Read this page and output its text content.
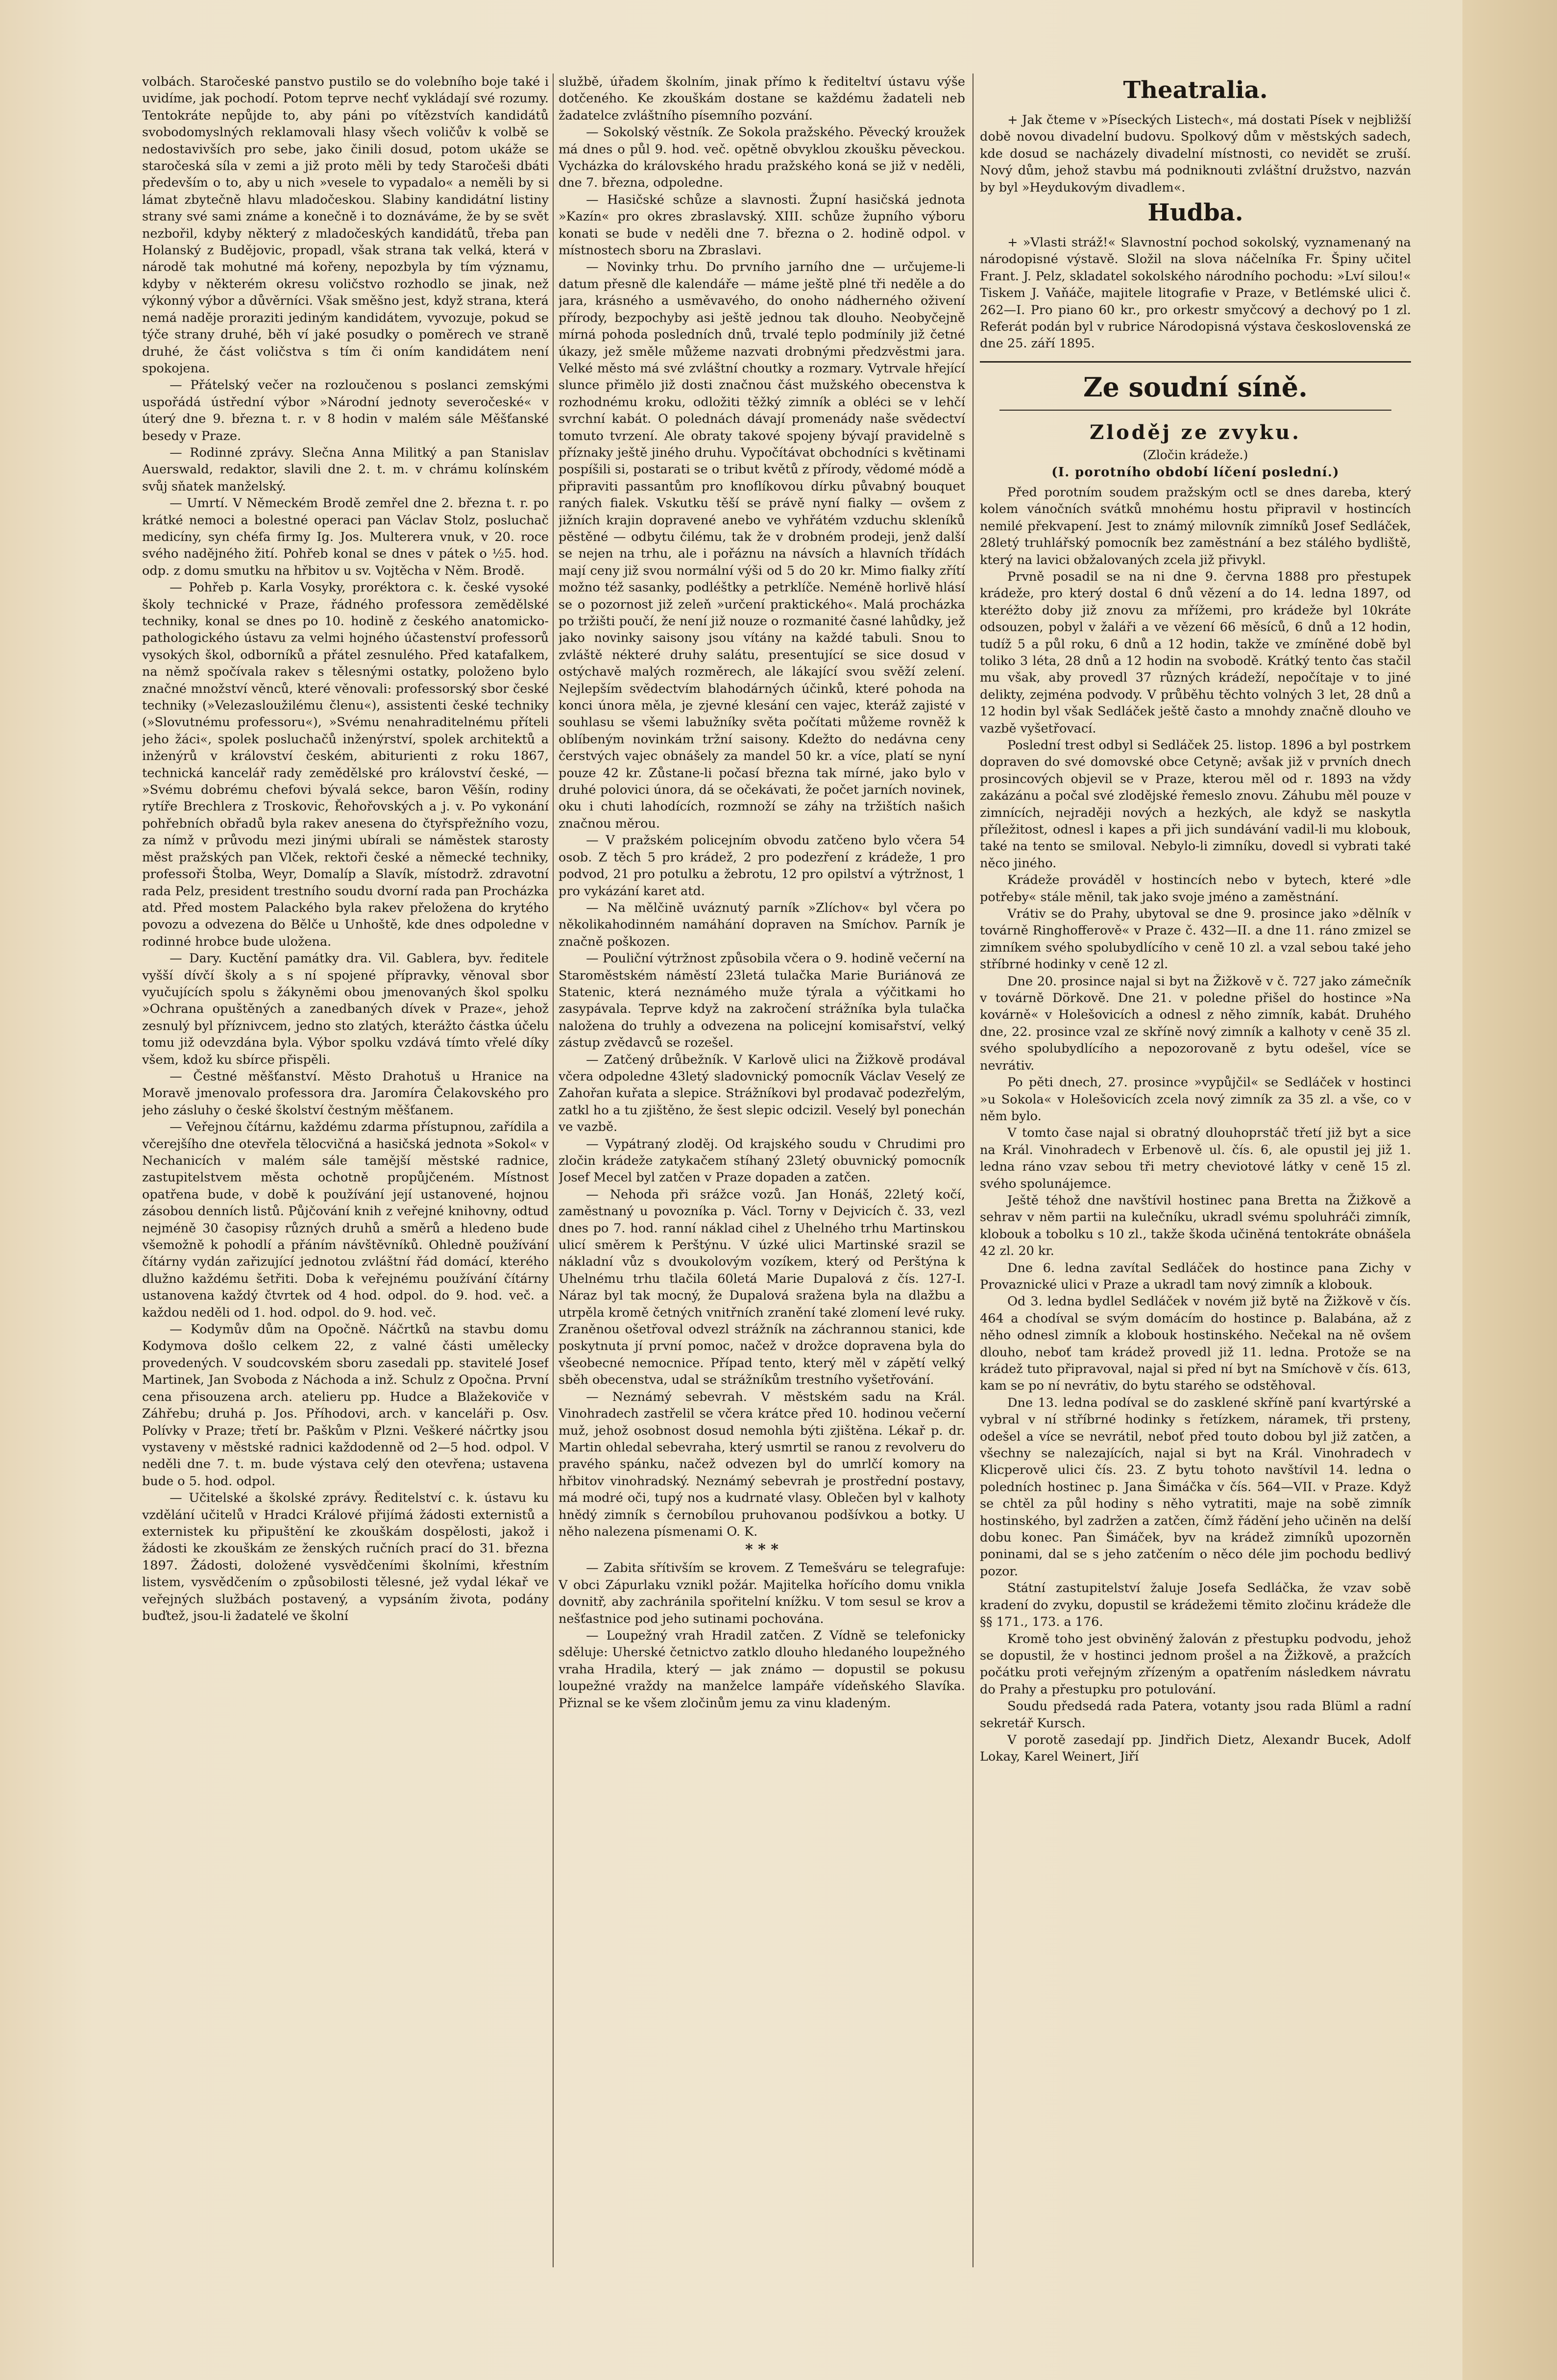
volbách. Staročeské panstvo pustilo se do volebního boje také i uvidíme, jak pochodí. Potom teprve nechť vykládají své rozumy. Tentokráte nepůjde to, aby páni po vítězstvích kandidátů svobodomyslných reklamovali hlasy všech voličův k volbě se nedostavivších pro sebe, jako činili dosud, potom ukáže se staročeská síla v zemi a již proto měli by tedy Staročeši dbáti především o to, aby u nich »vesele to vypadalo« a neměli by si lámat zbytečně hlavu mladočeskou. Slabiny kandidátní listiny strany své sami známe a konečně i to doznáváme, že by se svět nezbořil, kdyby některý z mladočeských kandidátů, třeba pan Holanský z Budějovic, propadl, však strana tak velká, která v národě tak mohutné má kořeny, nepozbyla by tím významu, kdyby v některém okresu voličstvo rozhodlo se jinak, než výkonný výbor a důvěrníci. Však směšno jest, když strana, která nemá naděje proraziti jediným kandidátem, vyvozuje, pokud se týče strany druhé, běh ví jaké posudky o poměrech ve straně druhé, že část voličstva s tím či oním kandidátem není spokojena.

— Přátelský večer na rozloučenou s poslanci zemskými uspořádá ústřední výbor »Národní jednoty severočeské« v úterý dne 9. března t. r. v 8 hodin v malém sále Měšťanské besedy v Praze.

— Rodinné zprávy. Slečna Anna Militký a pan Stanislav Auerswald, redaktor, slavili dne 2. t. m. v chrámu kolínském svůj sňatek manželský.

— Umrtí. V Německém Brodě zemřel dne 2. března t. r. po krátké nemoci a bolestné operaci pan Václav Stolz, posluchač medicíny, syn chéfa firmy Ig. Jos. Multerera vnuk, v 20. roce svého nadějného žití. Pohřeb konal se dnes v pátek o ½5. hod. odp. z domu smutku na hřbitov u sv. Vojtěcha v Něm. Brodě.

— Pohřeb p. Karla Vosyky, proréktora c. k. české vysoké školy technické v Praze, řádného professora zemědělské techniky, konal se dnes po 10. hodině z českého anatomicko-pathologického ústavu za velmi hojného účastenství professorů vysokých škol, odborníků a přátel zesnulého. Před katafalkem, na němž spočívala rakev s tělesnými ostatky, položeno bylo značné množství věnců, které věnovali: professorský sbor české techniky (»Velezasloužilému členu«), assistenti české techniky (»Slovutnému professoru«), »Svému nenahraditelnému příteli jeho žáci«, spolek posluchačů inženýrství, spolek architektů a inženýrů v království českém, abiturienti z roku 1867, technická kancelář rady zemědělské pro království české, — »Svému dobrému chefovi bývalá sekce, baron Věšín, rodiny rytíře Brechlera z Troskovic, Řehořovských a j. v. Po vykonání pohřebních obřadů byla rakev anesena do čtyřspřežního vozu, za nímž v průvodu mezi jinými ubírali se náměstek starosty měst pražských pan Vlček, rektoři české a německé techniky, professoři Štolba, Weyr, Domalíp a Slavík, místodrž. zdravotní rada Pelz, president trestního soudu dvorní rada pan Procházka atd. Před mostem Palackého byla rakev přeložena do krytého povozu a odvezena do Bělče u Unhoště, kde dnes odpoledne v rodinné hrobce bude uložena.

— Dary. Kuctění památky dra. Vil. Gablera, byv. ředitele vyšší dívčí školy a s ní spojené přípravky, věnoval sbor vyučujících spolu s žákyněmi obou jmenovaných škol spolku »Ochrana opuštěných a zanedbaných dívek v Praze«, jehož zesnulý byl příznivcem, jedno sto zlatých, kterážto částka účelu tomu již odevzdána byla. Výbor spolku vzdává tímto vřelé díky všem, kdož ku sbírce přispěli.

— Čestné měšťanství. Město Drahotuš u Hranice na Moravě jmenovalo professora dra. Jaromíra Čelakovského pro jeho zásluhy o české školství čestným měšťanem.

— Veřejnou čítárnu, každému zdarma přístupnou, zařídila a včerejšího dne otevřela tělocvičná a hasičská jednota »Sokol« v Nechanicích v malém sále tamější městské radnice, zastupitelstvem města ochotně propůjčeném. Místnost opatřena bude, v době k používání její ustanovené, hojnou zásobou denních listů. Půjčování knih z veřejné knihovny, odtud nejméně 30 časopisy různých druhů a směrů a hledeno bude všemožně k pohodlí a přáním návštěvníků. Ohledně používání čítárny vydán zařizující jednotou zvláštní řád domácí, kterého dlužno každému šetřiti. Doba k veřejnému používání čítárny ustanovena každý čtvrtek od 4 hod. odpol. do 9. hod. več. a každou neděli od 1. hod. odpol. do 9. hod. več.

— Kodymův dům na Opočně. Náčrtků na stavbu domu Kodymova došlo celkem 22, z valné části umělecky provedených. V soudcovském sboru zasedali pp. stavitelé Josef Martinek, Jan Svoboda z Náchoda a inž. Schulz z Opočna. První cena přisouzena arch. atelieru pp. Hudce a Blažekoviče v Záhřebu; druhá p. Jos. Příhodovi, arch. v kanceláři p. Osv. Polívky v Praze; třetí br. Paškům v Plzni. Veškeré náčrtky jsou vystaveny v městské radnici každodenně od 2—5 hod. odpol. V neděli dne 7. t. m. bude výstava celý den otevřena; ustavena bude o 5. hod. odpol.

— Učitelské a školské zprávy. Ředitelství c. k. ústavu ku vzdělání učitelů v Hradci Králové přijímá žádosti externistů a externistek ku připuštění ke zkouškám dospělosti, jakož i žádosti ke zkouškám ze ženských ručních prací do 31. března 1897. Žádosti, doložené vysvědčeními školními, křestním listem, vysvědčením o způsobilosti tělesné, jež vydal lékař ve veřejných službách postavený, a vypsáním života, podány buďtež, jsou-li žadatelé ve školní

službě, úřadem školním, jinak přímo k řediteltví ústavu výše dotčeného. Ke zkouškám dostane se každému žadateli neb žadatelce zvláštního písemního pozvání.

— Sokolský věstník. Ze Sokola pražského. Pěvecký kroužek má dnes o půl 9. hod. več. opětně obvyklou zkoušku pěveckou. Vycházka do královského hradu pražského koná se již v neděli, dne 7. března, odpoledne.

— Hasičské schůze a slavnosti. Župní hasičská jednota »Kazín« pro okres zbraslavský. XIII. schůze župního výboru konati se bude v neděli dne 7. března o 2. hodině odpol. v místnostech sboru na Zbraslavi.

— Novinky trhu. Do prvního jarního dne — určujeme-li datum přesně dle kalendáře — máme ještě plné tři neděle a do jara, krásného a usměvavého, do onoho nádherného oživení přírody, bezpochyby asi ještě jednou tak dlouho. Neobyčejně mírná pohoda posledních dnů, trvalé teplo podmínily již četné úkazy, jež směle můžeme nazvati drobnými předzvěstmi jara. Velké město má své zvláštní choutky a rozmary. Vytrvale hřející slunce přimělo již dosti značnou část mužského obecenstva k rozhodnému kroku, odložiti těžký zimník a obléci se v lehčí svrchní kabát. O polednách dávají promenády naše svědectví tomuto tvrzení. Ale obraty takové spojeny bývají pravidelně s příznaky ještě jiného druhu. Vypočítávat obchodníci s květinami pospíšili si, postarati se o tribut květů z přírody, vědomé módě a připraviti passantům pro knoflíkovou dírku půvabný bouquet raných fialek. Vskutku těší se právě nyní fialky — ovšem z jižních krajin dopravené anebo ve vyhřátém vzduchu skleníků pěstěné — odbytu čilému, tak že v drobném prodeji, jenž další se nejen na trhu, ale i pořáznu na návsích a hlavních třídách mají ceny již svou normální výši od 5 do 20 kr. Mimo fialky zřítí možno též sasanky, podléštky a petrklíče. Neméně horlivě hlásí se o pozornost již zeleň »určení praktického«. Malá procházka po tržišti poučí, že není již nouze o rozmanité časné lahůdky, jež jako novinky saisony jsou vítány na každé tabuli. Snou to zvláště nékteré druhy salátu, presentující se sice dosud v ostýchavě malých rozměrech, ale lákající svou svěží zelení. Nejlepším svědectvím blahodárných účinků, které pohoda na konci února měla, je zjevné klesání cen vajec, kteráž zajisté v souhlasu se všemi labužníky světa počítati můžeme rovněž k oblíbeným novinkám tržní saisony. Kdežto do nedávna ceny čerstvých vajec obnášely za mandel 50 kr. a více, platí se nyní pouze 42 kr. Zůstane-li počasí března tak mírné, jako bylo v druhé polovici února, dá se očekávati, že počet jarních novinek, oku i chuti lahodících, rozmnoží se záhy na tržištích našich značnou měrou.

— V pražském policejním obvodu zatčeno bylo včera 54 osob. Z těch 5 pro krádež, 2 pro podezření z krádeže, 1 pro podvod, 21 pro potulku a žebrotu, 12 pro opilství a výtržnost, 1 pro vykázání karet atd.

— Na mělčině uváznutý parník »Zlíchov« byl včera po několikahodinném namáhání dopraven na Smíchov. Parník je značně poškozen.

— Pouliční výtržnost způsobila včera o 9. hodině večerní na Staroměstském náměstí 23letá tulačka Marie Buriánová ze Statenic, která neznámého muže týrala a výčitkami ho zasypávala. Teprve když na zakročení strážníka byla tulačka naložena do truhly a odvezena na policejní komisařství, velký zástup zvědavců se rozešel.

— Zatčený drůbežník. V Karlově ulici na Žižkově prodával včera odpoledne 43letý sladovnický pomocník Václav Veselý ze Zahořan kuřata a slepice. Strážníkovi byl prodavač podezřelým, zatkl ho a tu zjištěno, že šest slepic odcizil. Veselý byl ponechán ve vazbě.

— Vypátraný zloděj. Od krajského soudu v Chrudimi pro zločin krádeže zatykačem stíhaný 23letý obuvnický pomocník Josef Mecel byl zatčen v Praze dopaden a zatčen.

— Nehoda při srážce vozů. Jan Honáš, 22letý kočí, zaměstnaný u povozníka p. Václ. Torny v Dejvicích č. 33, vezl dnes po 7. hod. ranní náklad cihel z Uhelného trhu Martinskou ulicí směrem k Perštýnu. V úzké ulici Martinské srazil se nákladní vůz s dvoukolovým vozíkem, který od Perštýna k Uhelnému trhu tlačila 60letá Marie Dupalová z čís. 127-I. Náraz byl tak mocný, že Dupalová sražena byla na dlažbu a utrpěla kromě četných vnitřních zranění také zlomení levé ruky. Zraněnou ošetřoval odvezl strážník na záchrannou stanici, kde poskytnuta jí první pomoc, načež v drožce dopravena byla do všeobecné nemocnice. Případ tento, který měl v zápětí velký sběh obecenstva, udal se strážníkům trestního vyšetřování.

— Neznámý sebevrah. V městském sadu na Král. Vinohradech zastřelil se včera krátce před 10. hodinou večerní muž, jehož osobnost dosud nemohla býti zjištěna. Lékař p. dr. Martin ohledal sebevraha, který usmrtil se ranou z revolveru do pravého spánku, načež odvezen byl do umrlčí komory na hřbitov vinohradský. Neznámý sebevrah je prostřední postavy, má modré oči, tupý nos a kudrnaté vlasy. Oblečen byl v kalhoty hnědý zimník s černobílou pruhovanou podšívkou a botky. U něho nalezena písmenami O. K.

* * *

— Zabita sřítivším se krovem. Z Temešváru se telegrafuje: V obci Zápurlaku vznikl požár. Majitelka hořícího domu vnikla dovnitř, aby zachránila spořitelní knížku. V tom sesul se krov a nešťastnice pod jeho sutinami pochována.

— Loupežný vrah Hradil zatčen. Z Vídně se telefonicky sděluje: Uherské četnictvo zatklo dlouho hledaného loupežného vraha Hradila, který — jak známo — dopustil se pokusu loupežné vraždy na manželce lampáře vídeňského Slavíka. Přiznal se ke všem zločinům jemu za vinu kladeným.

Theatralia.

+ Jak čteme v »Píseckých Listech«, má dostati Písek v nejbližší době novou divadelní budovu. Spolkový dům v městských sadech, kde dosud se nacházely divadelní místnosti, co nevidět se zruší. Nový dům, jehož stavbu má podniknouti zvláštní družstvo, nazván by byl »Heydukovým divadlem«.

Hudba.

+ »Vlasti stráž!« Slavnostní pochod sokolský, vyznamenaný na národopisné výstavě. Složil na slova náčelníka Fr. Špiny učitel Frant. J. Pelz, skladatel sokolského národního pochodu: »Lví silou!« Tiskem J. Vaňáče, majitele litografie v Praze, v Betlémské ulici č. 262—I. Pro piano 60 kr., pro orkestr smyčcový a dechový po 1 zl. Referát podán byl v rubrice Národopisná výstava československá ze dne 25. září 1895.

Ze soudní síně.
Zloděj ze zvyku.
(Zločin krádeže.)
(I. porotního období líčení poslední.)

Před porotním soudem pražským octl se dnes dareba, který kolem vánočních svátků mnohému hostu připravil v hostincích nemilé překvapení. Jest to známý milovník zimníků Josef Sedláček, 28letý truhlářský pomocník bez zaměstnání a bez stálého bydliště, který na lavici obžalovaných zcela již přivykl.

Prvně posadil se na ni dne 9. června 1888 pro přestupek krádeže, pro který dostal 6 dnů vězení a do 14. ledna 1897, od kteréžto doby již znovu za mřížemi, pro krádeže byl 10kráte odsouzen, pobyl v žaláři a ve vězení 66 měsíců, 6 dnů a 12 hodin, tudíž 5 a půl roku, 6 dnů a 12 hodin, takže ve zmíněné době byl toliko 3 léta, 28 dnů a 12 hodin na svobodě. Krátký tento čas stačil mu však, aby provedl 37 různých krádeží, nepočítaje v to jiné delikty, zejména podvody. V průběhu těchto volných 3 let, 28 dnů a 12 hodin byl však Sedláček ještě často a mnohdy značně dlouho ve vazbě vyšetřovací.

Poslední trest odbyl si Sedláček 25. listop. 1896 a byl postrkem dopraven do své domovské obce Cetyně; avšak již v prvních dnech prosincových objevil se v Praze, kterou měl od r. 1893 na vždy zakázánu a počal své zlodějské řemeslo znovu. Záhubu měl pouze v zimnících, nejraději nových a hezkých, ale když se naskytla příležitost, odnesl i kapes a při jich sundávání vadil-li mu klobouk, také na tento se smiloval. Nebylo-li zimníku, dovedl si vybrati také něco jiného.

Krádeže prováděl v hostincích nebo v bytech, které »dle potřeby« stále měnil, tak jako svoje jméno a zaměstnání.

Vrátiv se do Prahy, ubytoval se dne 9. prosince jako »dělník v továrně Ringhofferově« v Praze č. 432—II. a dne 11. ráno zmizel se zimníkem svého spolubydlícího v ceně 10 zl. a vzal sebou také jeho stříbrné hodinky v ceně 12 zl.

Dne 20. prosince najal si byt na Žižkově v č. 727 jako zámečník v továrně Dörkově. Dne 21. v poledne přišel do hostince »Na kovárně« v Holešovicích a odnesl z něho zimník, kabát. Druhého dne, 22. prosince vzal ze skříně nový zimník a kalhoty v ceně 35 zl. svého spolubydlícího a nepozorovaně z bytu odešel, více se nevrátiv.

Po pěti dnech, 27. prosince »vypůjčil« se Sedláček v hostinci »u Sokola« v Holešovicích zcela nový zimník za 35 zl. a vše, co v něm bylo.

V tomto čase najal si obratný dlouhoprstáč třetí již byt a sice na Král. Vinohradech v Erbenově ul. čís. 6, ale opustil jej již 1. ledna ráno vzav sebou tři metry cheviotové látky v ceně 15 zl. svého spolunájemce.

Ještě téhož dne navštívil hostinec pana Bretta na Žižkově a sehrav v něm partii na kulečníku, ukradl svému spoluhráči zimník, klobouk a tobolku s 10 zl., takže škoda učiněná tentokráte obnášela 42 zl. 20 kr.

Dne 6. ledna zavítal Sedláček do hostince pana Zichy v Provaznické ulici v Praze a ukradl tam nový zimník a klobouk.

Od 3. ledna bydlel Sedláček v novém již bytě na Žižkově v čís. 464 a chodíval se svým domácím do hostince p. Balabána, až z něho odnesl zimník a klobouk hostinského. Nečekal na ně ovšem dlouho, neboť tam krádež provedl již 11. ledna. Protože se na krádež tuto připravoval, najal si před ní byt na Smíchově v čís. 613, kam se po ní nevrátiv, do bytu starého se odstěhoval.

Dne 13. ledna podíval se do zasklené skříně paní kvartýrské a vybral v ní stříbrné hodinky s řetízkem, náramek, tři prsteny, odešel a více se nevrátil, neboť před touto dobou byl již zatčen, a všechny se nalezajících, najal si byt na Král. Vinohradech v Klicperově ulici čís. 23. Z bytu tohoto navštívil 14. ledna o poledních hostinec p. Jana Šimáčka v čís. 564—VII. v Praze. Když se chtěl za půl hodiny s něho vytratiti, maje na sobě zimník hostinského, byl zadržen a zatčen, čímž řádění jeho učiněn na delší dobu konec. Pan Šimáček, byv na krádež zimníků upozorněn poninami, dal se s jeho zatčením o něco déle jim pochodu bedlivý pozor.

Státní zastupitelství žaluje Josefa Sedláčka, že vzav sobě kradení do zvyku, dopustil se krádežemi těmito zločinu krádeže dle §§ 171., 173. a 176.

Kromě toho jest obviněný žalován z přestupku podvodu, jehož se dopustil, že v hostinci jednom prošel a na Žižkově, a pražcích počátku proti veřejným zřízeným a opatřením následkem návratu do Prahy a přestupku pro potulování.

Soudu předsedá rada Patera, votanty jsou rada Blüml a radní sekretář Kursch.

V porotě zasedají pp. Jindřich Dietz, Alexandr Bucek, Adolf Lokay, Karel Weinert, Jiří
